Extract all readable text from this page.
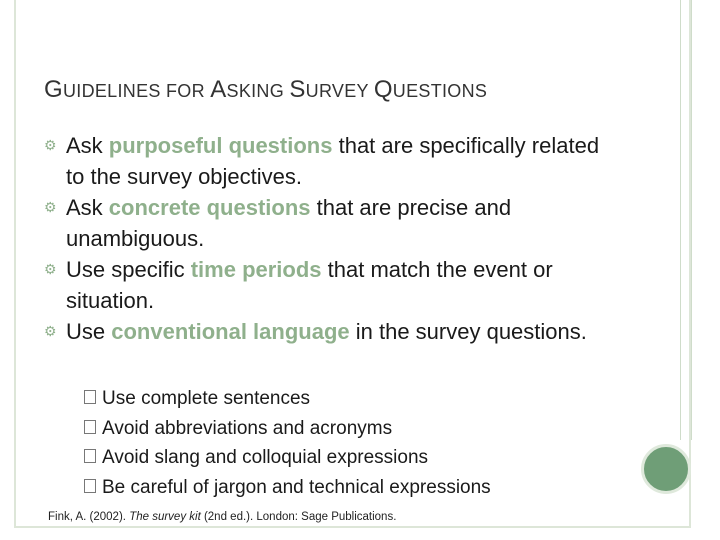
GUIDELINES FOR ASKING SURVEY QUESTIONS
⚙ Ask purposeful questions that are specifically related to the survey objectives.
⚙ Ask concrete questions that are precise and unambiguous.
⚙ Use specific time periods that match the event or situation.
⚙ Use conventional language in the survey questions.
Use complete sentences
Avoid abbreviations and acronyms
Avoid slang and colloquial expressions
Be careful of jargon and technical expressions
Fink, A. (2002). The survey kit (2nd ed.). London: Sage Publications.
